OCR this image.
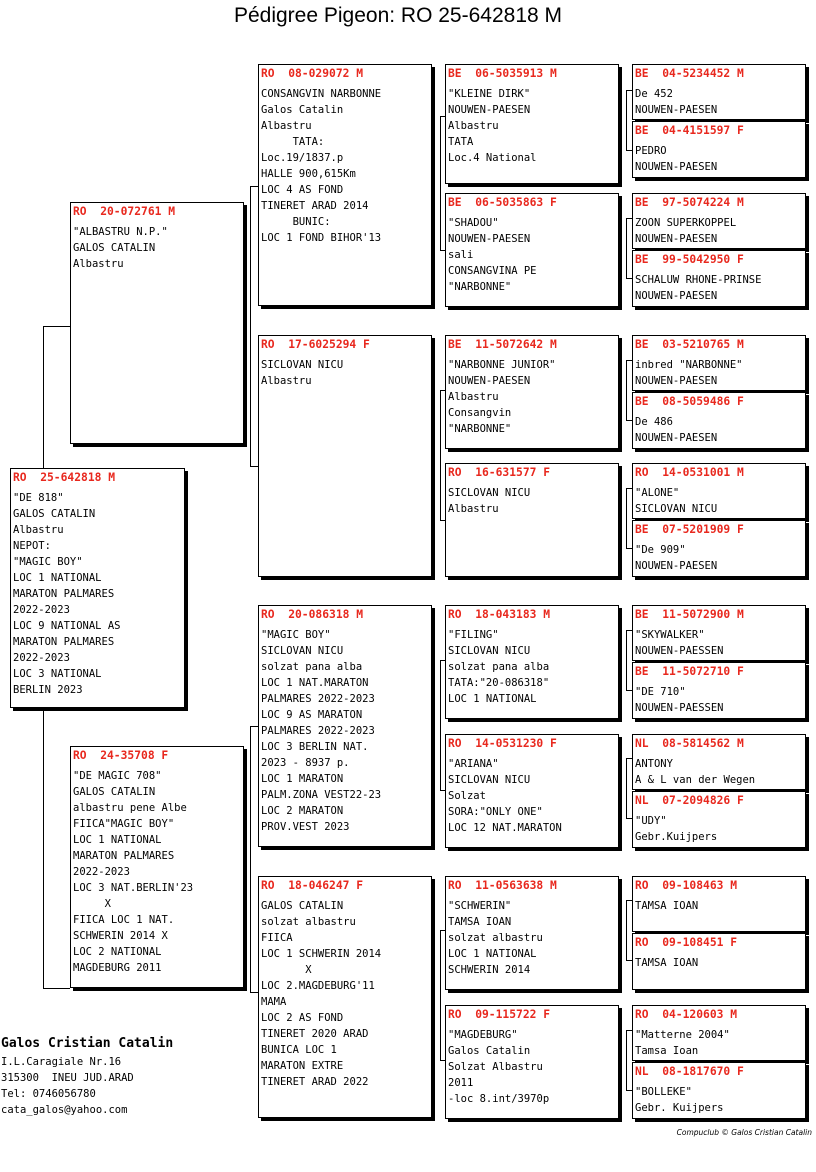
Pédigree Pigeon: RO 25-642818 M
RO  25-642818 M
"DE 818"
GALOS CATALIN
Albastru
NEPOT:
"MAGIC BOY"
LOC 1 NATIONAL
MARATON PALMARES
2022-2023
LOC 9 NATIONAL AS
MARATON PALMARES
2022-2023
LOC 3 NATIONAL
BERLIN 2023
RO  20-072761 M
"ALBASTRU N.P."
GALOS CATALIN
Albastru
RO  24-35708 F
"DE MAGIC 708"
GALOS CATALIN
albastru pene Albe
FIICA"MAGIC BOY"
LOC 1 NATIONAL
MARATON PALMARES
2022-2023
LOC 3 NAT.BERLIN'23
X
FIICA LOC 1 NAT.
SCHWERIN 2014 X
LOC 2 NATIONAL
MAGDEBURG 2011
RO  08-029072 M
CONSANGVIN NARBONNE
Galos Catalin
Albastru
TATA:
Loc.19/1837.p
HALLE 900,615Km
LOC 4 AS FOND
TINERET ARAD 2014
BUNIC:
LOC 1 FOND BIHOR'13
RO  17-6025294 F
SICLOVAN NICU
Albastru
RO  20-086318 M
"MAGIC BOY"
SICLOVAN NICU
solzat pana alba
LOC 1 NAT.MARATON
PALMARES 2022-2023
LOC 9 AS MARATON
PALMARES 2022-2023
LOC 3 BERLIN NAT.
2023 - 8937 p.
LOC 1 MARATON
PALM.ZONA VEST22-23
LOC 2 MARATON
PROV.VEST 2023
RO  18-046247 F
GALOS CATALIN
solzat albastru
FIICA
LOC 1 SCHWERIN 2014
X
LOC 2.MAGDEBURG'11
MAMA
LOC 2 AS FOND
TINERET 2020 ARAD
BUNICA LOC 1
MARATON EXTRE
TINERET ARAD 2022
BE  06-5035913 M
"KLEINE DIRK"
NOUWEN-PAESEN
Albastru
TATA
Loc.4 National
BE  06-5035863 F
"SHADOU"
NOUWEN-PAESEN
sali
CONSANGVINA PE
"NARBONNE"
BE  11-5072642 M
"NARBONNE JUNIOR"
NOUWEN-PAESEN
Albastru
Consangvin
"NARBONNE"
RO  16-631577 F
SICLOVAN NICU
Albastru
RO  18-043183 M
"FILING"
SICLOVAN NICU
solzat pana alba
TATA:"20-086318"
LOC 1 NATIONAL
RO  14-0531230 F
"ARIANA"
SICLOVAN NICU
Solzat
SORA:"ONLY ONE"
LOC 12 NAT.MARATON
RO  11-0563638 M
"SCHWERIN"
TAMSA IOAN
solzat albastru
LOC 1 NATIONAL
SCHWERIN 2014
RO  09-115722 F
"MAGDEBURG"
Galos Catalin
Solzat Albastru
2011
-loc 8.int/3970p
BE  04-5234452 M
De 452
NOUWEN-PAESEN
BE  04-4151597 F
PEDRO
NOUWEN-PAESEN
BE  97-5074224 M
ZOON SUPERKOPPEL
NOUWEN-PAESEN
BE  99-5042950 F
SCHALUW RHONE-PRINSE
NOUWEN-PAESEN
BE  03-5210765 M
inbred "NARBONNE"
NOUWEN-PAESEN
BE  08-5059486 F
De 486
NOUWEN-PAESEN
RO  14-0531001 M
"ALONE"
SICLOVAN NICU
BE  07-5201909 F
"De 909"
NOUWEN-PAESEN
BE  11-5072900 M
"SKYWALKER"
NOUWEN-PAESSEN
BE  11-5072710 F
"DE 710"
NOUWEN-PAESSEN
NL  08-5814562 M
ANTONY
A & L van der Wegen
NL  07-2094826 F
"UDY"
Gebr.Kuijpers
RO  09-108463 M
TAMSA IOAN
RO  09-108451 F
TAMSA IOAN
RO  04-120603 M
"Matterne 2004"
Tamsa Ioan
NL  08-1817670 F
"BOLLEKE"
Gebr. Kuijpers
Galos Cristian Catalin
I.L.Caragiale Nr.16
315300  INEU JUD.ARAD
Tel: 0746056780
cata_galos@yahoo.com
Compuclub © Galos Cristian Catalin
